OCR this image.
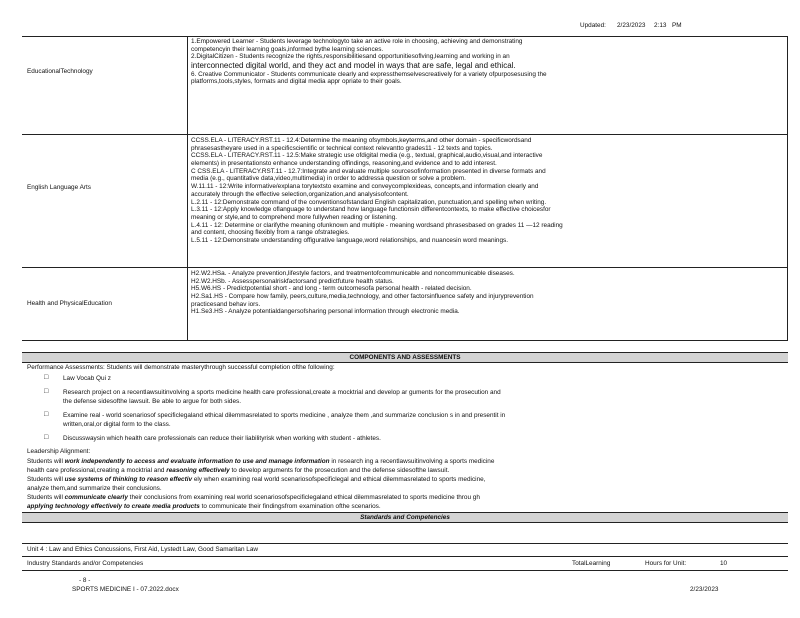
Updated: 2/23/2023 2:13 PM
EducationalTechnology
1.Empowered Learner - Students leverage technologyto take an active role in choosing, achieving and demonstrating
competencyin their learning goals,informed bythe learning sciences.
2.DigitalCitizen - Students recognize the rights,responsibilitiesand opportunitiesoflving,learning and working in an
interconnected digital world, and they act and model in ways that are safe, legal and ethical.
6. Creative Communicator - Students communicate clearly and expressthemselvescreatively for a variety ofpurposesusing the
platforms,tools,styles, formats and digital media appr opriate to their goals.
English Language Arts
CCSS.ELA - LITERACY.RST.11 - 12.4:Determine the meaning ofsymbols,keyterms,and other domain - specificwordsand
phrasesastheyare used in a specificscientific or technical context relevantto grades11 - 12 texts and topics.
CCSS.ELA - LITERACY.RST.11 - 12.5:Make strategic use ofdigital media (e.g., textual, graphical,audio,visual,and interactive
elements) in presentationsto enhance understanding offindings, reasoning,and evidence and to add interest.
C CSS.ELA - LITERACY.RST.11 - 12.7:Integrate and evaluate multiple sourcesofinformation presented in diverse formats and
media (e.g., quantitative data,video,multimedia) in order to addressa question or solve a problem.
W.11.11 - 12:Write informative/explana torytextsto examine and conveycomplexideas, concepts,and information clearly and
accurately through the effective selection,organization,and analysisofcontent.
L.2.11 - 12:Demonstrate command of the conventionsofstandard English capitalization, punctuation,and spelling when writing.
L.3.11 - 12:Apply knowledge oflanguage to understand how language functionsin differentcontexts, to make effective choicesfor
meaning or style,and to comprehend more fullywhen reading or listening.
L.4.11 - 12: Determine or clarifythe meaning ofunknown and multiple - meaning wordsand phrasesbased on grades 11 —12 reading
and content, choosing flexibly from a range ofstrategies.
L.5.11 - 12:Demonstrate understanding offigurative language,word relationships, and nuancesin word meanings.
Health and PhysicalEducation
H2.W2.HSa. - Analyze prevention,lifestyle factors, and treatmentofcommunicable and noncommunicable diseases.
H2.W2.HSb. - Assesspersonalriskfactorsand predictfuture health status.
H5.W6.HS - Predictpotential short - and long - term outcomesofa personal health - related decision.
H2.Sa1.HS - Compare how family, peers,culture,media,technology, and other factorsinfluence safety and injuryprevention
practicesand behav iors.
H1.Se3.HS - Analyze potentialdangersofsharing personal information through electronic media.
COMPONENTS AND ASSESSMENTS
Performance Assessments: Students will demonstrate masterythrough successful completion ofthe following:
□ Law Vocab Qui z
□ Research project on a recentlawsuitinvolving a sports medicine health care professional,create a mocktrial and develop ar guments for the prosecution and
the defense sidesofthe lawsuit. Be able to argue for both sides.
□ Examine real - world scenariosof specificlegaland ethical dilemmasrelated to sports medicine , analyze them ,and summarize conclusion s in and presentit in
written,oral,or digital form to the class.
□ Discusswaysin which health care professionals can reduce their liabilityrisk when working with student - athletes.
Leadership Alignment:
Students will work independently to access and evaluate information to use and manage information in research ing a recentlawsuitinvolving a sports medicine
health care professional,creating a mocktrial and reasoning effectively to develop arguments for the prosecution and the defense sidesofthe lawsuit.
Students will use systems of thinking to reason effectiv ely when examining real world scenariosofspecificlegal and ethical dilemmasrelated to sports medicine,
analyze them,and summarize their conclusions.
Students will communicate clearly their conclusions from examining real world scenariosofspecificlegaland ethical dilemmasrelated to sports medicine throu gh
applying technology effectively to create media products to communicate their findingsfrom examination ofthe scenarios.
Standards and Competencies
Unit 4 : Law and Ethics Concussions, First Aid, Lystedt Law, Good Samaritan Law
Industry Standards and/or Competencies	TotalLearning	Hours for Unit:	10
- 8 -
SPORTS MEDICINE I - 07.2022.docx	2/23/2023
